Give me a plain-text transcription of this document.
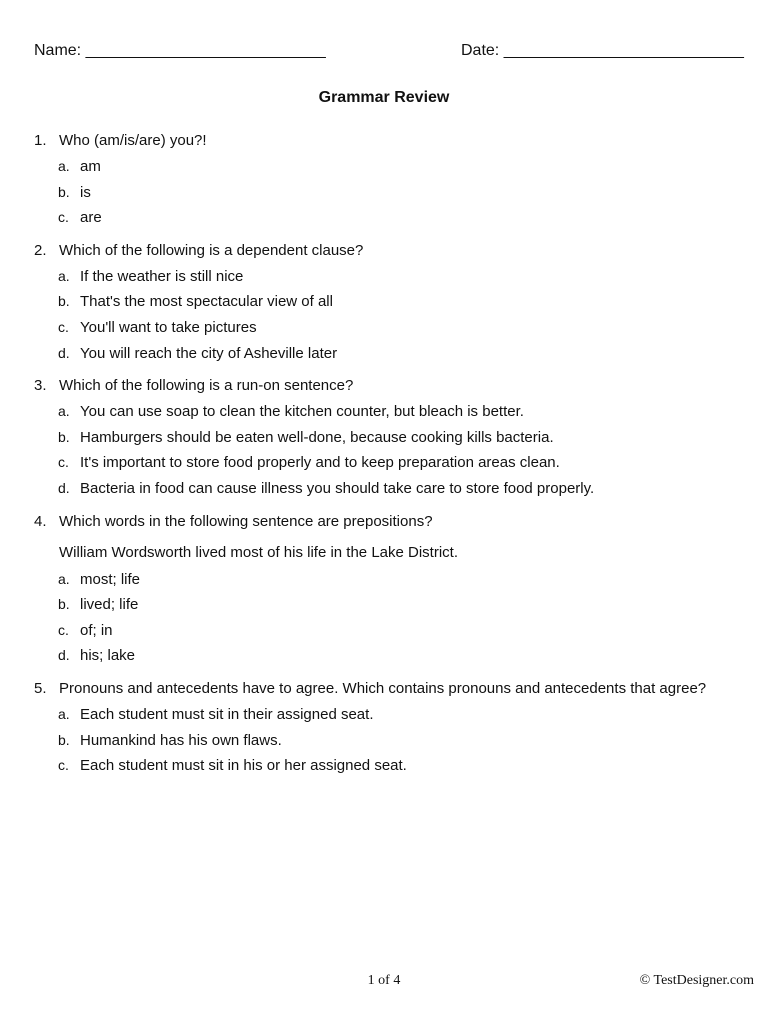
Name: ___________________________	Date: ___________________________
Grammar Review
1. Who (am/is/are) you?!
a. am
b. is
c. are
2. Which of the following is a dependent clause?
a. If the weather is still nice
b. That's the most spectacular view of all
c. You'll want to take pictures
d. You will reach the city of Asheville later
3. Which of the following is a run-on sentence?
a. You can use soap to clean the kitchen counter, but bleach is better.
b. Hamburgers should be eaten well-done, because cooking kills bacteria.
c. It's important to store food properly and to keep preparation areas clean.
d. Bacteria in food can cause illness you should take care to store food properly.
4. Which words in the following sentence are prepositions?
William Wordsworth lived most of his life in the Lake District.
a. most; life
b. lived; life
c. of; in
d. his; lake
5. Pronouns and antecedents have to agree. Which contains pronouns and antecedents that agree?
a. Each student must sit in their assigned seat.
b. Humankind has his own flaws.
c. Each student must sit in his or her assigned seat.
1 of 4	© TestDesigner.com
